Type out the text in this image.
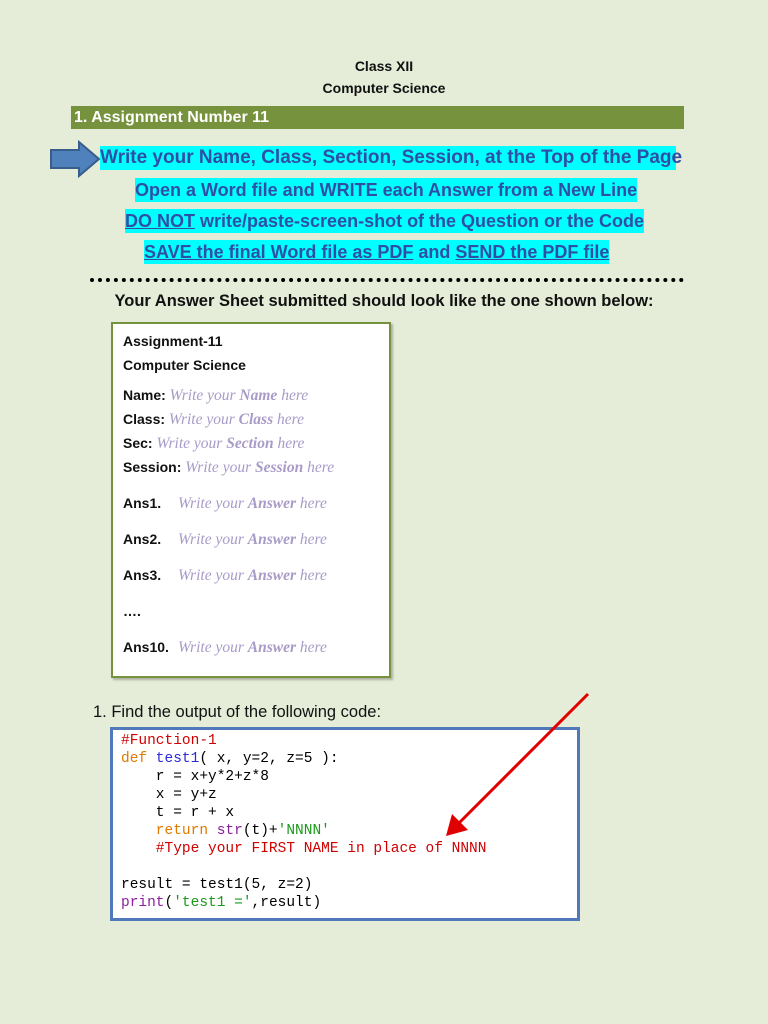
Class XII
Computer Science
1. Assignment Number 11
Write your Name, Class, Section, Session, at the Top of the Page
Open a Word file and WRITE each Answer from a New Line
DO NOT write/paste-screen-shot of the Question or the Code
SAVE the final Word file as PDF and SEND the PDF file
Your Answer Sheet submitted should look like the one shown below:
Assignment-11
Computer Science
Name: Write your Name here
Class: Write your Class here
Sec: Write your Section here
Session: Write your Session here
Ans1. Write your Answer here
Ans2. Write your Answer here
Ans3. Write your Answer here
….
Ans10. Write your Answer here
1. Find the output of the following code:
#Function-1
def test1( x, y=2, z=5 ):
r = x+y*2+z*8
x = y+z
t = r + x
return str(t)+'NNNN'
#Type your FIRST NAME in place of NNNN
result = test1(5, z=2)
print('test1 =',result)
